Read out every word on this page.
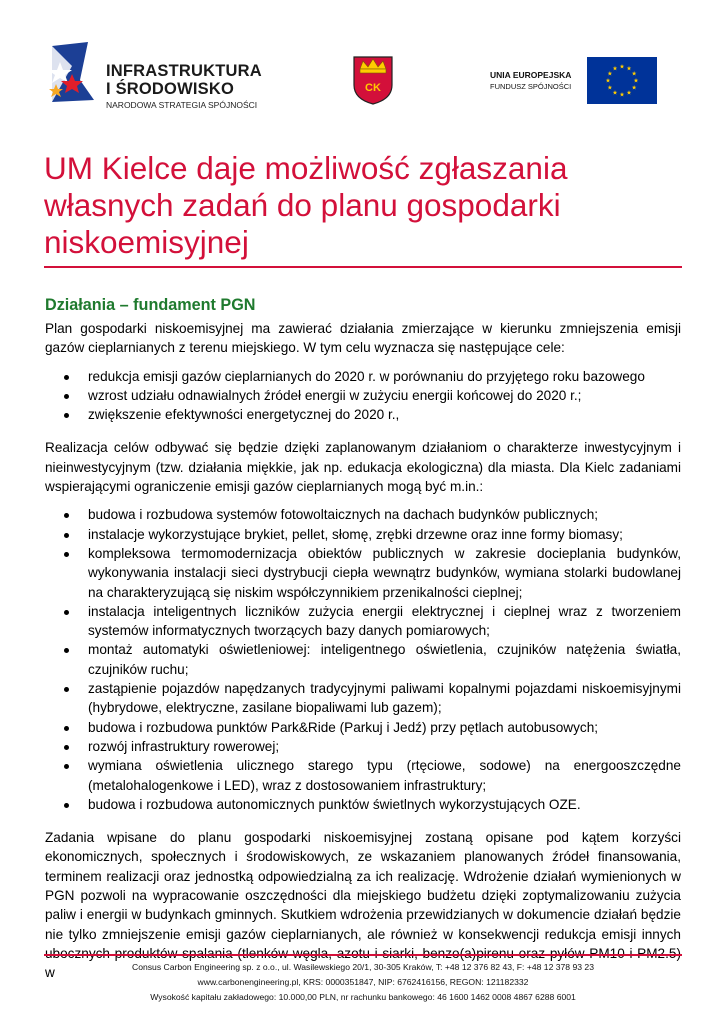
INFRASTRUKTURA
I ŚRODOWISKO
NARODOWA STRATEGIA SPÓJNOŚCI
CK
UNIA EUROPEJSKA
FUNDUSZ SPÓJNOŚCI
UM Kielce daje możliwość zgłaszania własnych zadań do planu gospodarki niskoemisyjnej
Działania – fundament PGN

Plan gospodarki niskoemisyjnej ma zawierać działania zmierzające w kierunku zmniejszenia emisji gazów cieplarnianych z terenu miejskiego. W tym celu wyznacza się następujące cele:

redukcja emisji gazów cieplarnianych do 2020 r. w porównaniu do przyjętego roku bazowego
wzrost udziału odnawialnych źródeł energii w zużyciu energii końcowej do 2020 r.;
zwiększenie efektywności energetycznej do 2020 r.,

Realizacja celów odbywać się będzie dzięki zaplanowanym działaniom o charakterze inwestycyjnym i nieinwestycyjnym (tzw. działania miękkie, jak np. edukacja ekologiczna) dla miasta. Dla Kielc zadaniami wspierającymi ograniczenie emisji gazów cieplarnianych mogą być m.in.:

budowa i rozbudowa systemów fotowoltaicznych na dachach budynków publicznych;
instalacje wykorzystujące brykiet, pellet, słomę, zrębki drzewne oraz inne formy biomasy;
kompleksowa termomodernizacja obiektów publicznych w zakresie docieplania budynków, wykonywania instalacji sieci dystrybucji ciepła wewnątrz budynków, wymiana stolarki budowlanej na charakteryzującą się niskim współczynnikiem przenikalności cieplnej;
instalacja inteligentnych liczników zużycia energii elektrycznej i cieplnej wraz z tworzeniem systemów informatycznych tworzących bazy danych pomiarowych;
montaż automatyki oświetleniowej: inteligentnego oświetlenia, czujników natężenia światła, czujników ruchu;
zastąpienie pojazdów napędzanych tradycyjnymi paliwami kopalnymi pojazdami niskoemisyjnymi (hybrydowe, elektryczne, zasilane biopaliwami lub gazem);
budowa i rozbudowa punktów Park&Ride (Parkuj i Jedź) przy pętlach autobusowych;
rozwój infrastruktury rowerowej;
wymiana oświetlenia ulicznego starego typu (rtęciowe, sodowe) na energooszczędne (metalohalogenkowe i LED), wraz z dostosowaniem infrastruktury;
budowa i rozbudowa autonomicznych punktów świetlnych wykorzystujących OZE.

Zadania wpisane do planu gospodarki niskoemisyjnej zostaną opisane pod kątem korzyści ekonomicznych, społecznych i środowiskowych, ze wskazaniem planowanych źródeł finansowania, terminem realizacji oraz jednostką odpowiedzialną za ich realizację. Wdrożenie działań wymienionych w PGN pozwoli na wypracowanie oszczędności dla miejskiego budżetu dzięki zoptymalizowaniu zużycia paliw i energii w budynkach gminnych. Skutkiem wdrożenia przewidzianych w dokumencie działań będzie nie tylko zmniejszenie emisji gazów cieplarnianych, ale również w konsekwencji redukcja emisji innych w	Consus Carbon Engineering sp. z o.o., ul. Wasilewskiego 20/1, 30-305 Kraków, T: +48 12 376 82 43, F: +48 12 378 93 23
www.carbonengineering.pl, KRS: 0000351847, NIP: 6762416156, REGON: 121182332
Wysokość kapitału zakładowego: 10.000,00 PLN, nr rachunku bankowego: 46 1600 1462 0008 4867 6288 6001
